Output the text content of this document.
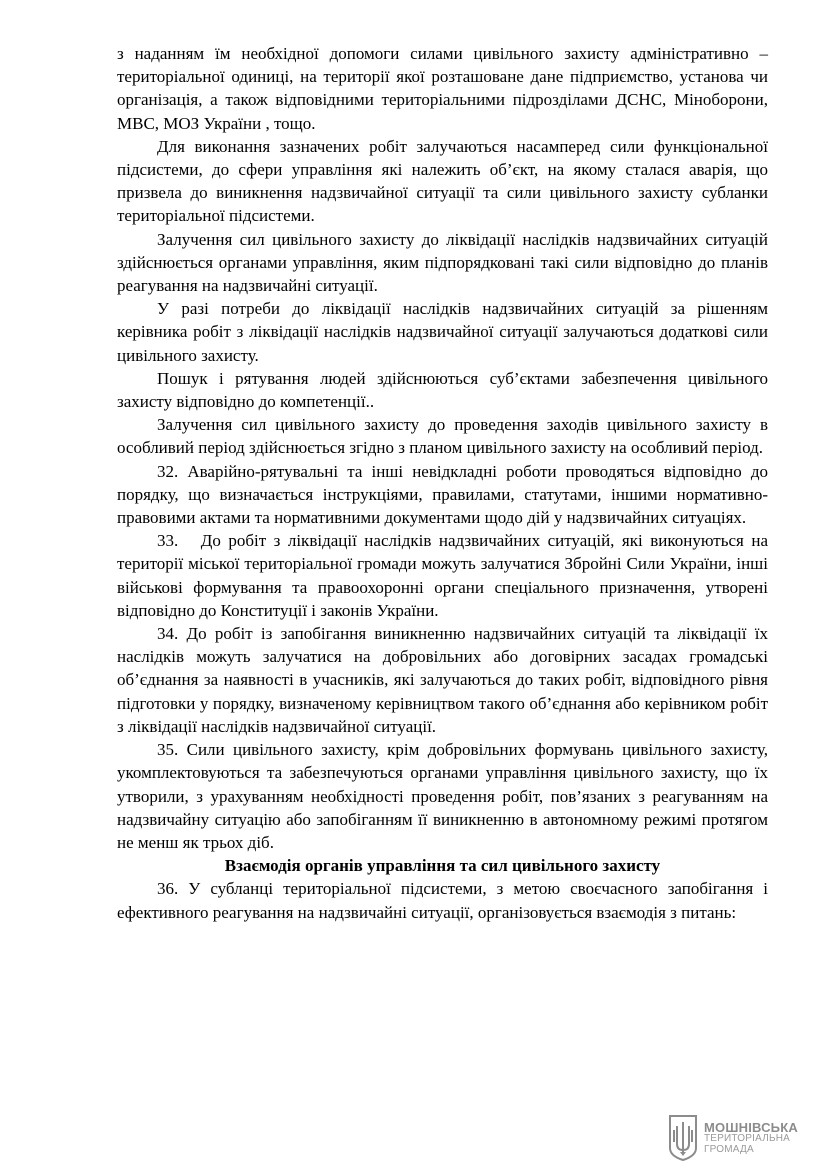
з наданням їм необхідної допомоги силами цивільного захисту адміністративно – територіальної одиниці, на території якої розташоване дане підприємство, установа чи організація, а також відповідними територіальними підрозділами ДСНС, Міноборони, МВС, МОЗ України , тощо.

Для виконання зазначених робіт залучаються насамперед сили функціональної підсистеми, до сфери управління які належить об’єкт, на якому сталася аварія, що призвела до виникнення надзвичайної ситуації та сили цивільного захисту субланки територіальної підсистеми.

Залучення сил цивільного захисту до ліквідації наслідків надзвичайних ситуацій здійснюється органами управління, яким підпорядковані такі сили відповідно до планів реагування на надзвичайні ситуації.

У разі потреби до ліквідації наслідків надзвичайних ситуацій за рішенням керівника робіт з ліквідації наслідків надзвичайної ситуації залучаються додаткові сили цивільного захисту.

Пошук і рятування людей здійснюються суб’єктами забезпечення цивільного захисту відповідно до компетенції..

Залучення сил цивільного захисту до проведення заходів цивільного захисту в особливий період здійснюється згідно з планом цивільного захисту на особливий період.

32. Аварійно-рятувальні та інші невідкладні роботи проводяться відповідно до порядку, що визначається інструкціями, правилами, статутами, іншими нормативно-правовими актами та нормативними документами щодо дій у надзвичайних ситуаціях.

33.   До робіт з ліквідації наслідків надзвичайних ситуацій, які виконуються на території міської територіальної громади можуть залучатися Збройні Сили України, інші військові формування та правоохоронні органи спеціального призначення, утворені відповідно до Конституції і законів України.

34. До робіт із запобігання виникненню надзвичайних ситуацій та ліквідації їх наслідків можуть залучатися на добровільних або договірних засадах громадські об’єднання за наявності в учасників, які залучаються до таких робіт, відповідного рівня підготовки у порядку, визначеному керівництвом такого об’єднання або керівником робіт з ліквідації наслідків надзвичайної ситуації.

35. Сили цивільного захисту, крім добровільних формувань цивільного захисту, укомплектовуються та забезпечуються органами управління цивільного захисту, що їх утворили, з урахуванням необхідності проведення робіт, пов’язаних з реагуванням на надзвичайну ситуацію або запобіганням її виникненню в автономному режимі протягом не менш як трьох діб.

Взаємодія органів управління та сил цивільного захисту

36. У субланці територіальної підсистеми, з метою своєчасного запобігання і ефективного реагування на надзвичайні ситуації, організовується взаємодія з питань:

МОШНІВСЬКА
ТЕРИТОРІАЛЬНА
ГРОМАДА
